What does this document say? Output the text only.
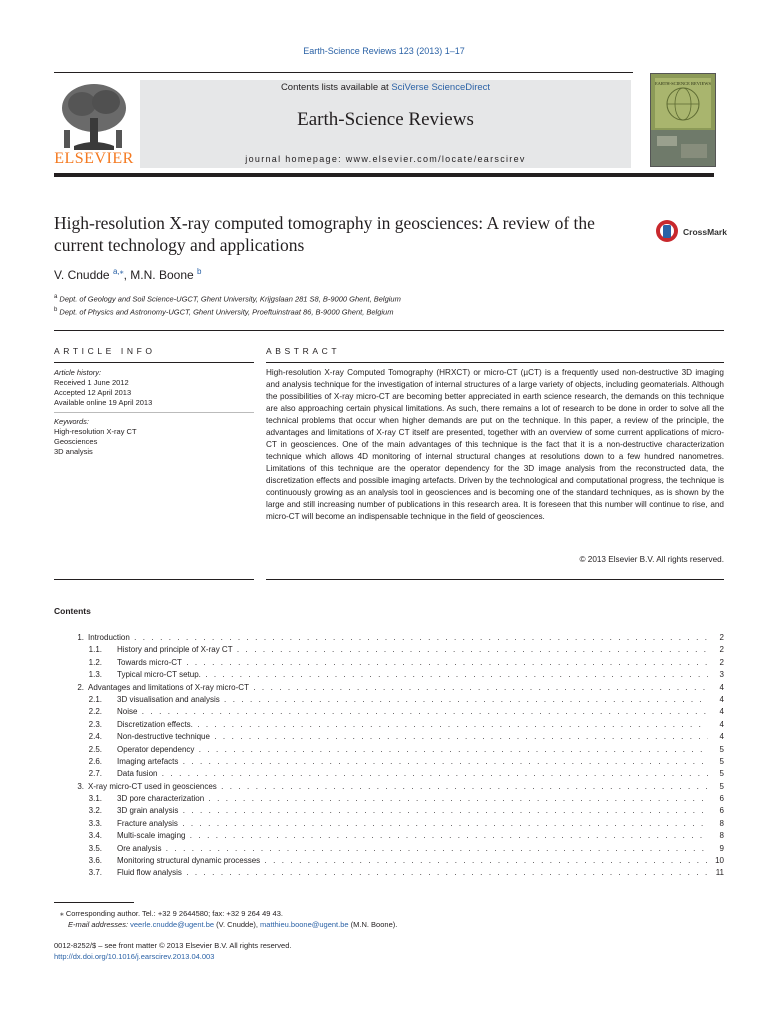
Earth-Science Reviews 123 (2013) 1–17
ELSEVIER
Contents lists available at SciVerse ScienceDirect
Earth-Science Reviews
journal homepage: www.elsevier.com/locate/earscirev
EARTH-SCIENCE REVIEWS
High-resolution X-ray computed tomography in geosciences: A review of the current technology and applications
CrossMark
V. Cnudde $^{a,⁎}$, M.N. Boone $^b$
$^a$ Dept. of Geology and Soil Science-UGCT, Ghent University, Krijgslaan 281 S8, B-9000 Ghent, Belgium
$^b$ Dept. of Physics and Astronomy-UGCT, Ghent University, Proeftuinstraat 86, B-9000 Ghent, Belgium
ARTICLE INFO
Article history:
Received 1 June 2012
Accepted 12 April 2013
Available online 19 April 2013
Keywords:
High-resolution X-ray CT
Geosciences
3D analysis
ABSTRACT
High-resolution X-ray Computed Tomography (HRXCT) or micro-CT (µCT) is a frequently used non-destructive 3D imaging and analysis technique for the investigation of internal structures of a large variety of objects, including geomaterials. Although the possibilities of X-ray micro-CT are becoming better appreciated in earth science research, the demands on this technique are also approaching certain physical limitations. As such, there remains a lot of research to be done in order to solve all the technical problems that occur when higher demands are put on the technique. In this paper, a review of the principle, the advantages and limitations of X-ray CT itself are presented, together with an overview of some current applications of micro-CT in geosciences. One of the main advantages of this technique is the fact that it is a non-destructive characterization technique which allows 4D monitoring of internal structural changes at resolutions down to a few hundred nanometres. Limitations of this technique are the operator dependency for the 3D image analysis from the reconstructed data, the discretization effects and possible imaging artefacts. Driven by the technological and computational progress, the technique is continuously growing as an analysis tool in geosciences and is becoming one of the standard techniques, as is shown by the large and still increasing number of publications in this research area. It is foreseen that this number will continue to rise, and micro-CT will become an indispensable technique in the field of geosciences.
© 2013 Elsevier B.V. All rights reserved.
Contents
1. Introduction . . .	2
1.1. History and principle of X-ray CT . . .	2
1.2. Towards micro-CT . . .	2
1.3. Typical micro-CT setup. . . .	3
2. Advantages and limitations of X-ray micro-CT . . .	4
2.1. 3D visualisation and analysis . . .	4
2.2. Noise . . .	4
2.3. Discretization effects. . . .	4
2.4. Non-destructive technique . . .	4
2.5. Operator dependency . . .	5
2.6. Imaging artefacts . . .	5
2.7. Data fusion . . .	5
3. X-ray micro-CT used in geosciences . . .	5
3.1. 3D pore characterization . . .	6
3.2. 3D grain analysis . . .	6
3.3. Fracture analysis . . .	8
3.4. Multi-scale imaging . . .	8
3.5. Ore analysis . . .	9
3.6. Monitoring structural dynamic processes . . .	10
3.7. Fluid flow analysis . . .	11
⁎ Corresponding author. Tel.: +32 9 2644580; fax: +32 9 264 49 43.
E-mail addresses: veerle.cnudde@ugent.be (V. Cnudde), matthieu.boone@ugent.be (M.N. Boone).
0012-8252/$ – see front matter © 2013 Elsevier B.V. All rights reserved.
http://dx.doi.org/10.1016/j.earscirev.2013.04.003
